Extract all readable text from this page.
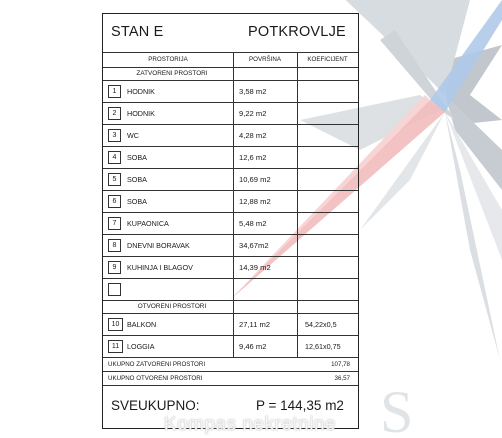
S
STAN E	POTKROVLJE
PROSTORIJA	POVRŠINA	KOEFICIJENT
ZATVORENI PROSTORI
1	HODNIK	3,58 m2
2	HODNIK	9,22 m2
3	WC	4,28 m2
4	SOBA	12,6 m2
5	SOBA	10,69 m2
6	SOBA	12,88 m2
7	KUPAONICA	5,48 m2
8	DNEVNI BORAVAK	34,67m2
9	KUHINJA I BLAGOV	14,39 m2
OTVORENI PROSTORI
10	BALKON	27,11 m2	54,22x0,5
11	LOGGIA	9,46 m2	12,61x0,75
UKUPNO ZATVORENI PROSTORI	107,78
UKUPNO OTVORENI PROSTORI	36,57
SVEUKUPNO:	P = 144,35 m2
Kompas nekretnine
